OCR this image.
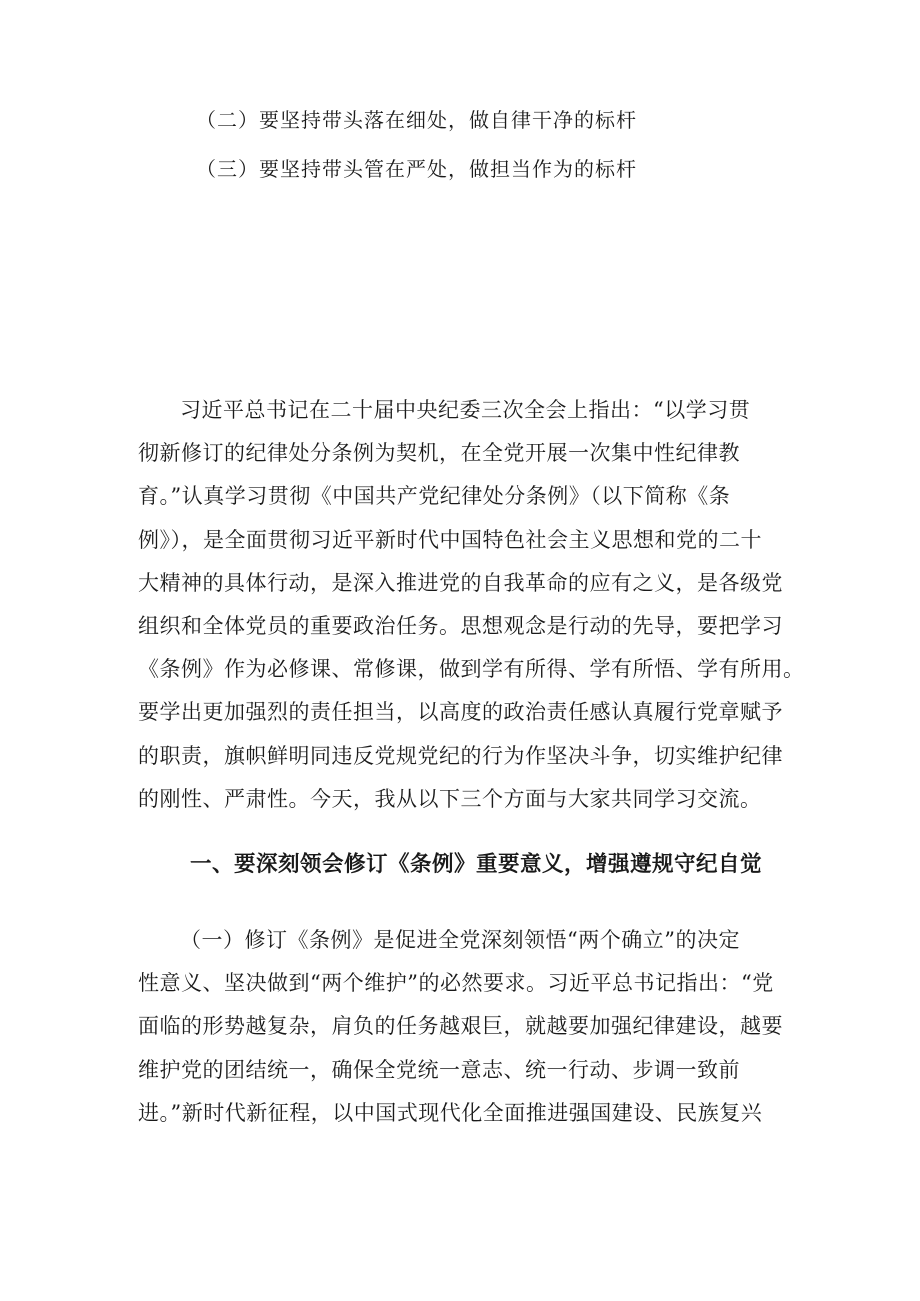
（二）要坚持带头落在细处，做自律干净的标杆
（三）要坚持带头管在严处，做担当作为的标杆
习近平总书记在二十届中央纪委三次全会上指出：“以学习贯
彻新修订的纪律处分条例为契机，在全党开展一次集中性纪律教
育。”认真学习贯彻《中国共产党纪律处分条例》（以下简称《条
例》），是全面贯彻习近平新时代中国特色社会主义思想和党的二十
大精神的具体行动，是深入推进党的自我革命的应有之义，是各级党
组织和全体党员的重要政治任务。思想观念是行动的先导，要把学习
《条例》作为必修课、常修课，做到学有所得、学有所悟、学有所用。
要学出更加强烈的责任担当，以高度的政治责任感认真履行党章赋予
的职责，旗帜鲜明同违反党规党纪的行为作坚决斗争，切实维护纪律
的刚性、严肃性。今天，我从以下三个方面与大家共同学习交流。
一、要深刻领会修订《条例》重要意义，增强遵规守纪自觉
（一）修订《条例》是促进全党深刻领悟“两个确立”的决定
性意义、坚决做到“两个维护”的必然要求。习近平总书记指出：“党
面临的形势越复杂，肩负的任务越艰巨，就越要加强纪律建设，越要
维护党的团结统一，确保全党统一意志、统一行动、步调一致前
进。”新时代新征程，以中国式现代化全面推进强国建设、民族复兴
